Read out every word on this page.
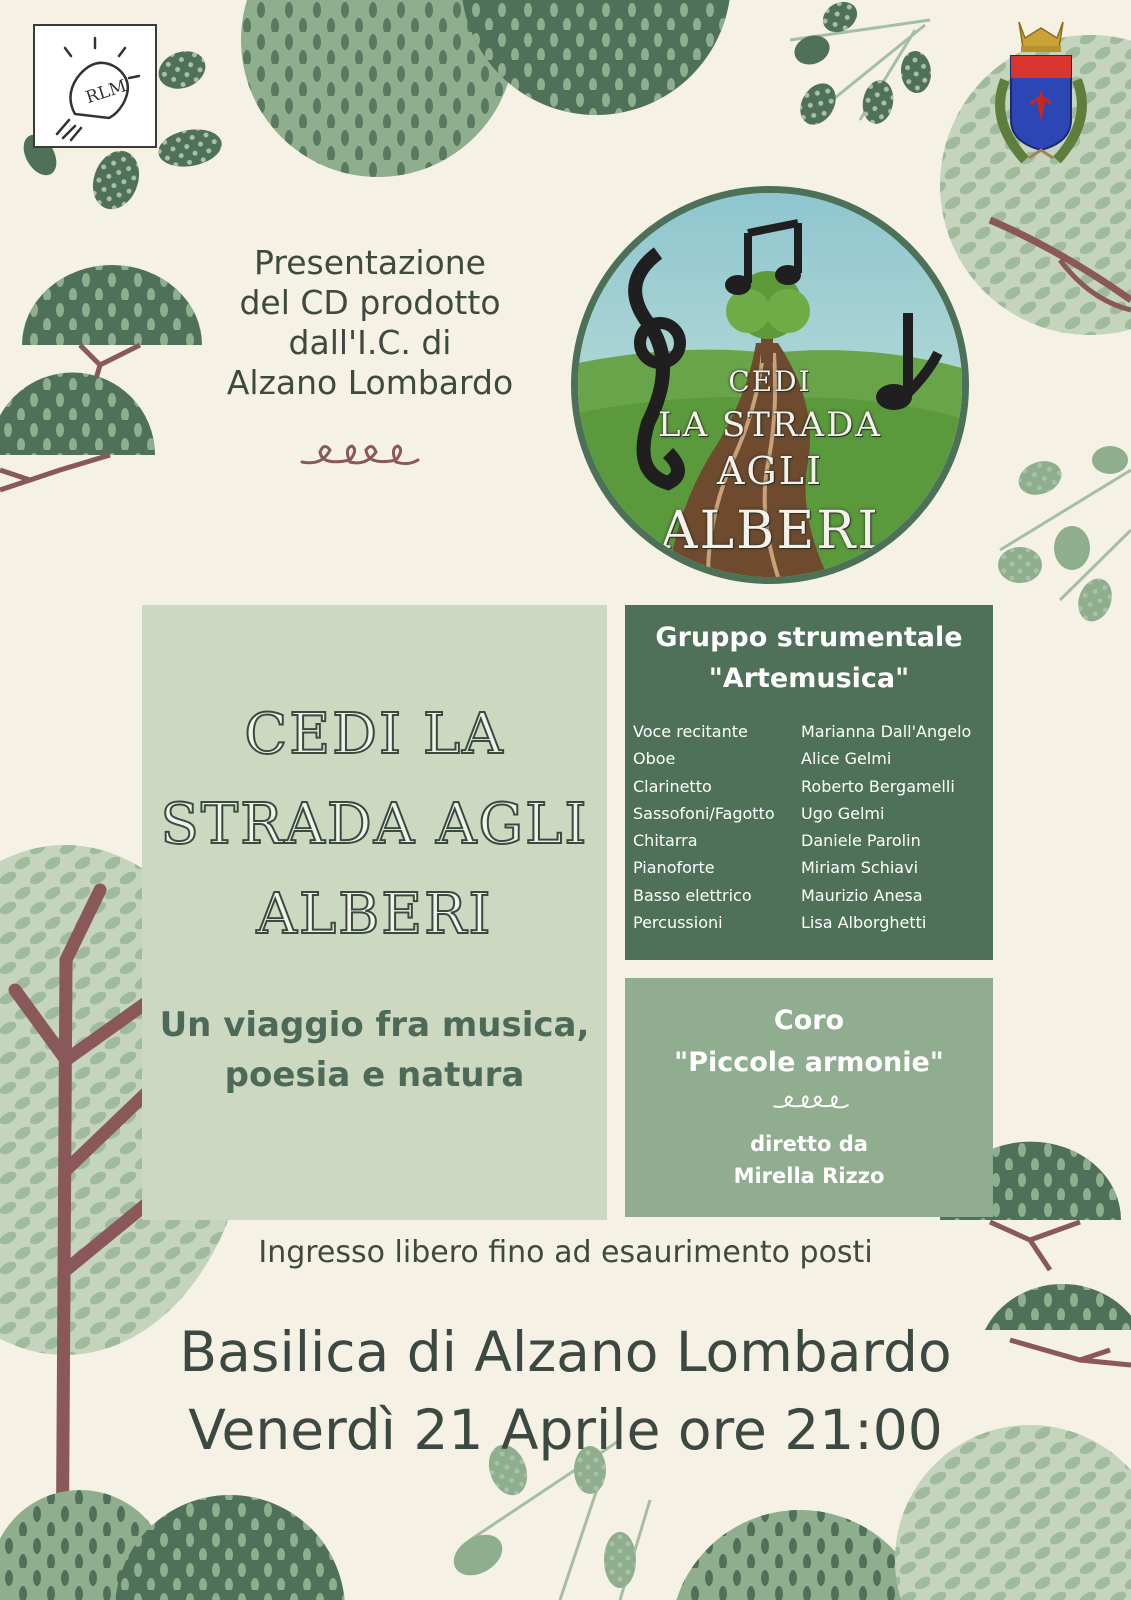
RLM
Presentazione
del CD prodotto
dall'I.C. di
Alzano Lombardo	CEDI
LA STRADA
AGLI
ALBERI
CEDI LA
STRADA AGLI
ALBERI
Un viaggio fra musica,
poesia e natura
Gruppo strumentale
"Artemusica"
Voce recitante	Marianna Dall'Angelo
Oboe	Alice Gelmi
Clarinetto	Roberto Bergamelli
Sassofoni/Fagotto	Ugo Gelmi
Chitarra	Daniele Parolin
Pianoforte	Miriam Schiavi
Basso elettrico	Maurizio Anesa
Percussioni	Lisa Alborghetti
Coro
"Piccole armonie"
diretto da
Mirella Rizzo
Ingresso libero fino ad esaurimento posti
Basilica di Alzano Lombardo
Venerdì 21 Aprile ore 21:00
